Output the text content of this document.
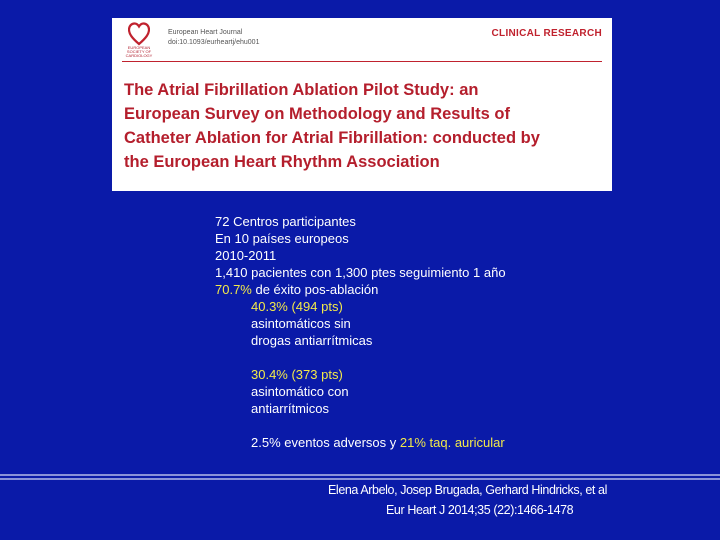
EUROPEAN
SOCIETY OF
CARDIOLOGY
European Heart Journal
doi:10.1093/eurheartj/ehu001
CLINICAL RESEARCH
The Atrial Fibrillation Ablation Pilot Study: an European Survey on Methodology and Results of Catheter Ablation for Atrial Fibrillation: conducted by the European Heart Rhythm Association
72 Centros participantes
En 10 países europeos
2010-2011
1,410 pacientes con 1,300 ptes seguimiento 1 año
70.7% de éxito pos-ablación
40.3% (494 pts)
asintomáticos sin
drogas antiarrítmicas
30.4% (373 pts)
asintomático con
antiarrítmicos
2.5% eventos adversos y 21% taq. auricular
Elena Arbelo, Josep Brugada, Gerhard Hindricks, et al
Eur Heart J 2014;35 (22):1466-1478
